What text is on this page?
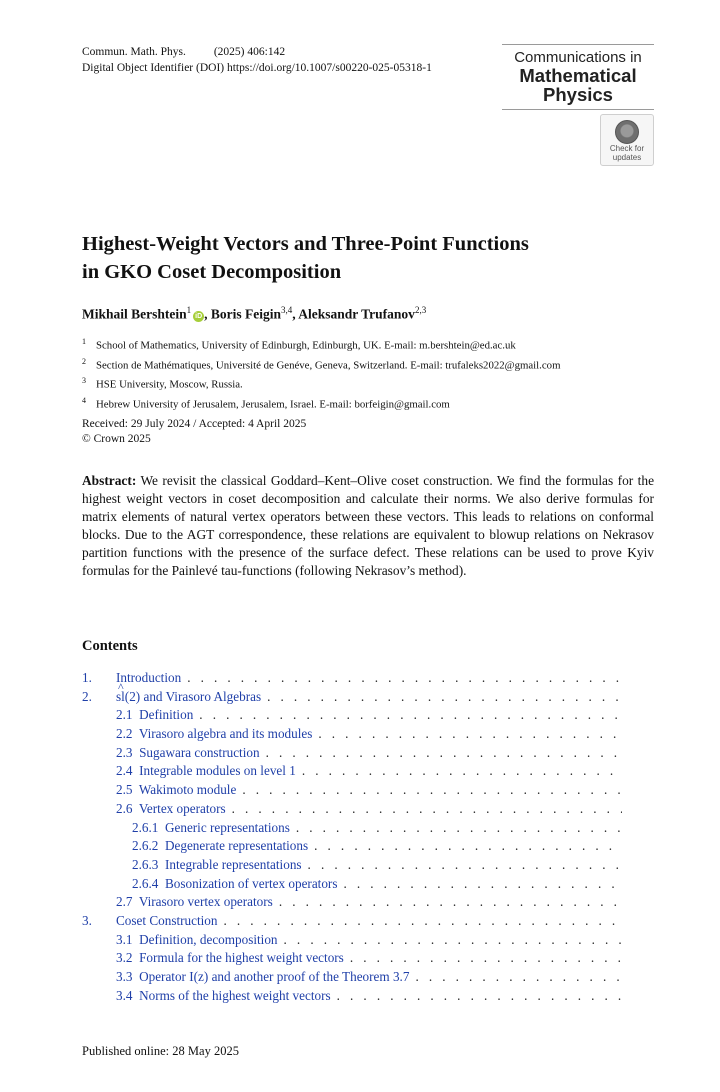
Commun. Math. Phys. (2025) 406:142
Digital Object Identifier (DOI) https://doi.org/10.1007/s00220-025-05318-1
Communications in
Mathematical
Physics
Check for
updates
Highest-Weight Vectors and Three-Point Functions
in GKO Coset Decomposition
Mikhail Bershtein$^1$iD , Boris Feigin$^{3,4}$, Aleksandr Trufanov$^{2,3}$
$^1$ School of Mathematics, University of Edinburgh, Edinburgh, UK. E-mail: m.bershtein@ed.ac.uk
$^2$ Section de Mathématiques, Université de Genéve, Geneva, Switzerland. E-mail: trufaleks2022@gmail.com
$^3$ HSE University, Moscow, Russia.
$^4$ Hebrew University of Jerusalem, Jerusalem, Israel. E-mail: borfeigin@gmail.com
Received: 29 July 2024 / Accepted: 4 April 2025
© Crown 2025
Abstract: We revisit the classical Goddard–Kent–Olive coset construction. We find the formulas for the highest weight vectors in coset decomposition and calculate their norms. We also derive formulas for matrix elements of natural vertex operators between these vectors. This leads to relations on conformal blocks. Due to the AGT correspondence, these relations are equivalent to blowup relations on Nekrasov partition functions with the presence of the surface defect. These relations can be used to prove Kyiv formulas for the Painlevé tau-functions (following Nekrasov’s method).
Contents
1.	Introduction
. . .
2.
^	sl(2) and Virasoro Algebras
. . .
2.1 Definition
. . .
2.2 Virasoro algebra and its modules
. . .
2.3 Sugawara construction
. . .
2.4 Integrable modules on level 1
. . .
2.5 Wakimoto module
. . .
2.6 Vertex operators
. . .
2.6.1 Generic representations
. . .
2.6.2 Degenerate representations
. . .
2.6.3 Integrable representations
. . .
2.6.4 Bosonization of vertex operators
. . .
2.7 Virasoro vertex operators
. . .
3.	Coset Construction
. . .
3.1 Definition, decomposition
. . .
3.2 Formula for the highest weight vectors
. . .
3.3 Operator I(z) and another proof of the Theorem 3.7
. . .
3.4 Norms of the highest weight vectors
. . .
Published online: 28 May 2025
